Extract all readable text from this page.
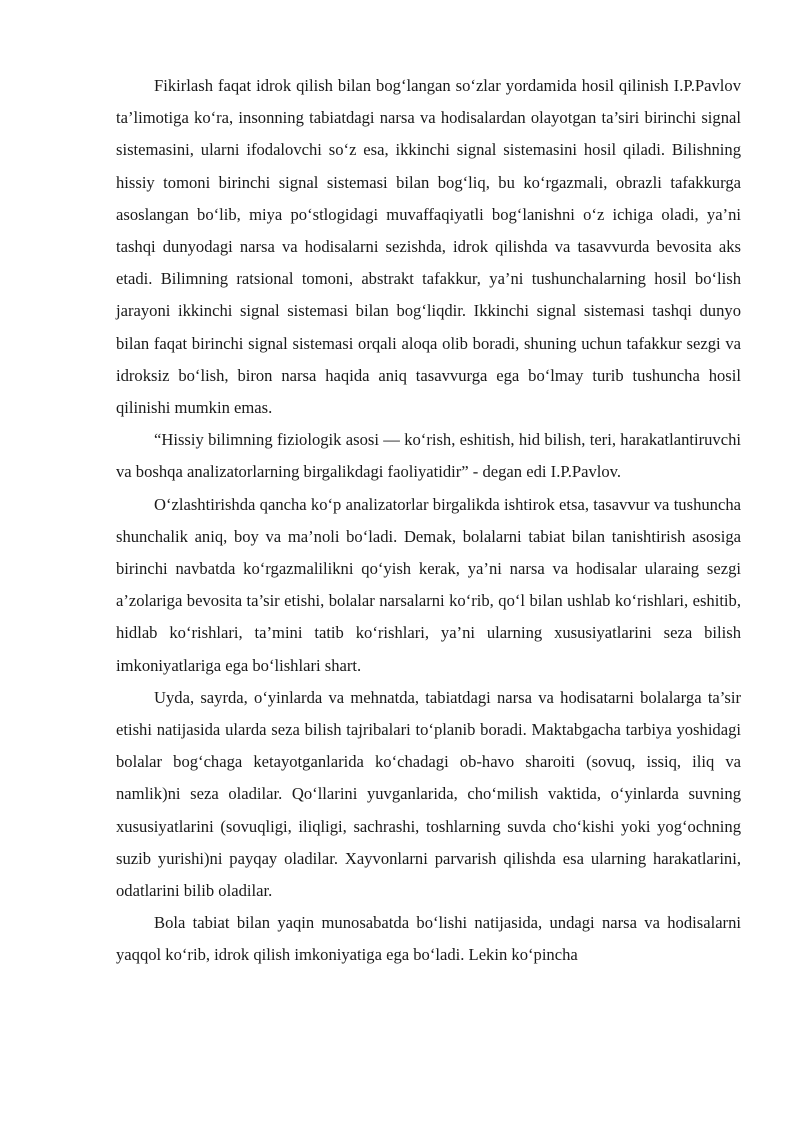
Fikirlash faqat idrok qilish bilan bog‘langan so‘zlar yordamida hosil qilinish I.P.Pavlov ta’limotiga ko‘ra, insonning tabiatdagi narsa va hodisalardan olayotgan ta’siri birinchi signal sistemasini, ularni ifodalovchi so‘z esa, ikkinchi signal sistemasini hosil qiladi. Bilishning hissiy tomoni birinchi signal sistemasi bilan bog‘liq, bu ko‘rgazmali, obrazli tafakkurga asoslangan bo‘lib, miya po‘stlogidagi muvaffaqiyatli bog‘lanishni o‘z ichiga oladi, ya’ni tashqi dunyodagi narsa va hodisalarni sezishda, idrok qilishda va tasavvurda bevosita aks etadi. Bilimning ratsional tomoni, abstrakt tafakkur, ya’ni tushunchalarning hosil bo‘lish jarayoni ikkinchi signal sistemasi bilan bog‘liqdir. Ikkinchi signal sistemasi tashqi dunyo bilan faqat birinchi signal sistemasi orqali aloqa olib boradi, shuning uchun tafakkur sezgi va idroksiz bo‘lish, biron narsa haqida aniq tasavvurga ega bo‘lmay turib tushuncha hosil qilinishi mumkin emas.

“Hissiy bilimning fiziologik asosi — ko‘rish, eshitish, hid bilish, teri, harakatlantiruvchi va boshqa analizatorlarning birgalikdagi faoliyatidir” - degan edi I.P.Pavlov.

O‘zlashtirishda qancha ko‘p analizatorlar birgalikda ishtirok etsa, tasavvur va tushuncha shunchalik aniq, boy va ma’noli bo‘ladi. Demak, bolalarni tabiat bilan tanishtirish asosiga birinchi navbatda ko‘rgazmalilikni qo‘yish kerak, ya’ni narsa va hodisalar ularaing sezgi a’zolariga bevosita ta’sir etishi, bolalar narsalarni ko‘rib, qo‘l bilan ushlab ko‘rishlari, eshitib, hidlab ko‘rishlari, ta’mini tatib ko‘rishlari, ya’ni ularning xususiyatlarini seza bilish imkoniyatlariga ega bo‘lishlari shart.

Uyda, sayrda, o‘yinlarda va mehnatda, tabiatdagi narsa va hodisatarni bolalarga ta’sir etishi natijasida ularda seza bilish tajribalari to‘planib boradi. Maktabgacha tarbiya yoshidagi bolalar bog‘chaga ketayotganlarida ko‘chadagi ob-havo sharoiti (sovuq, issiq, iliq va namlik)ni seza oladilar. Qo‘llarini yuvganlarida, cho‘milish vaktida, o‘yinlarda suvning xususiyatlarini (sovuqligi, iliqligi, sachrashi, toshlarning suvda cho‘kishi yoki yog‘ochning suzib yurishi)ni payqay oladilar. Xayvonlarni parvarish qilishda esa ularning harakatlarini, odatlarini bilib oladilar.

Bola tabiat bilan yaqin munosabatda bo‘lishi natijasida, undagi narsa va hodisalarni yaqqol ko‘rib, idrok qilish imkoniyatiga ega bo‘ladi. Lekin ko‘pincha
